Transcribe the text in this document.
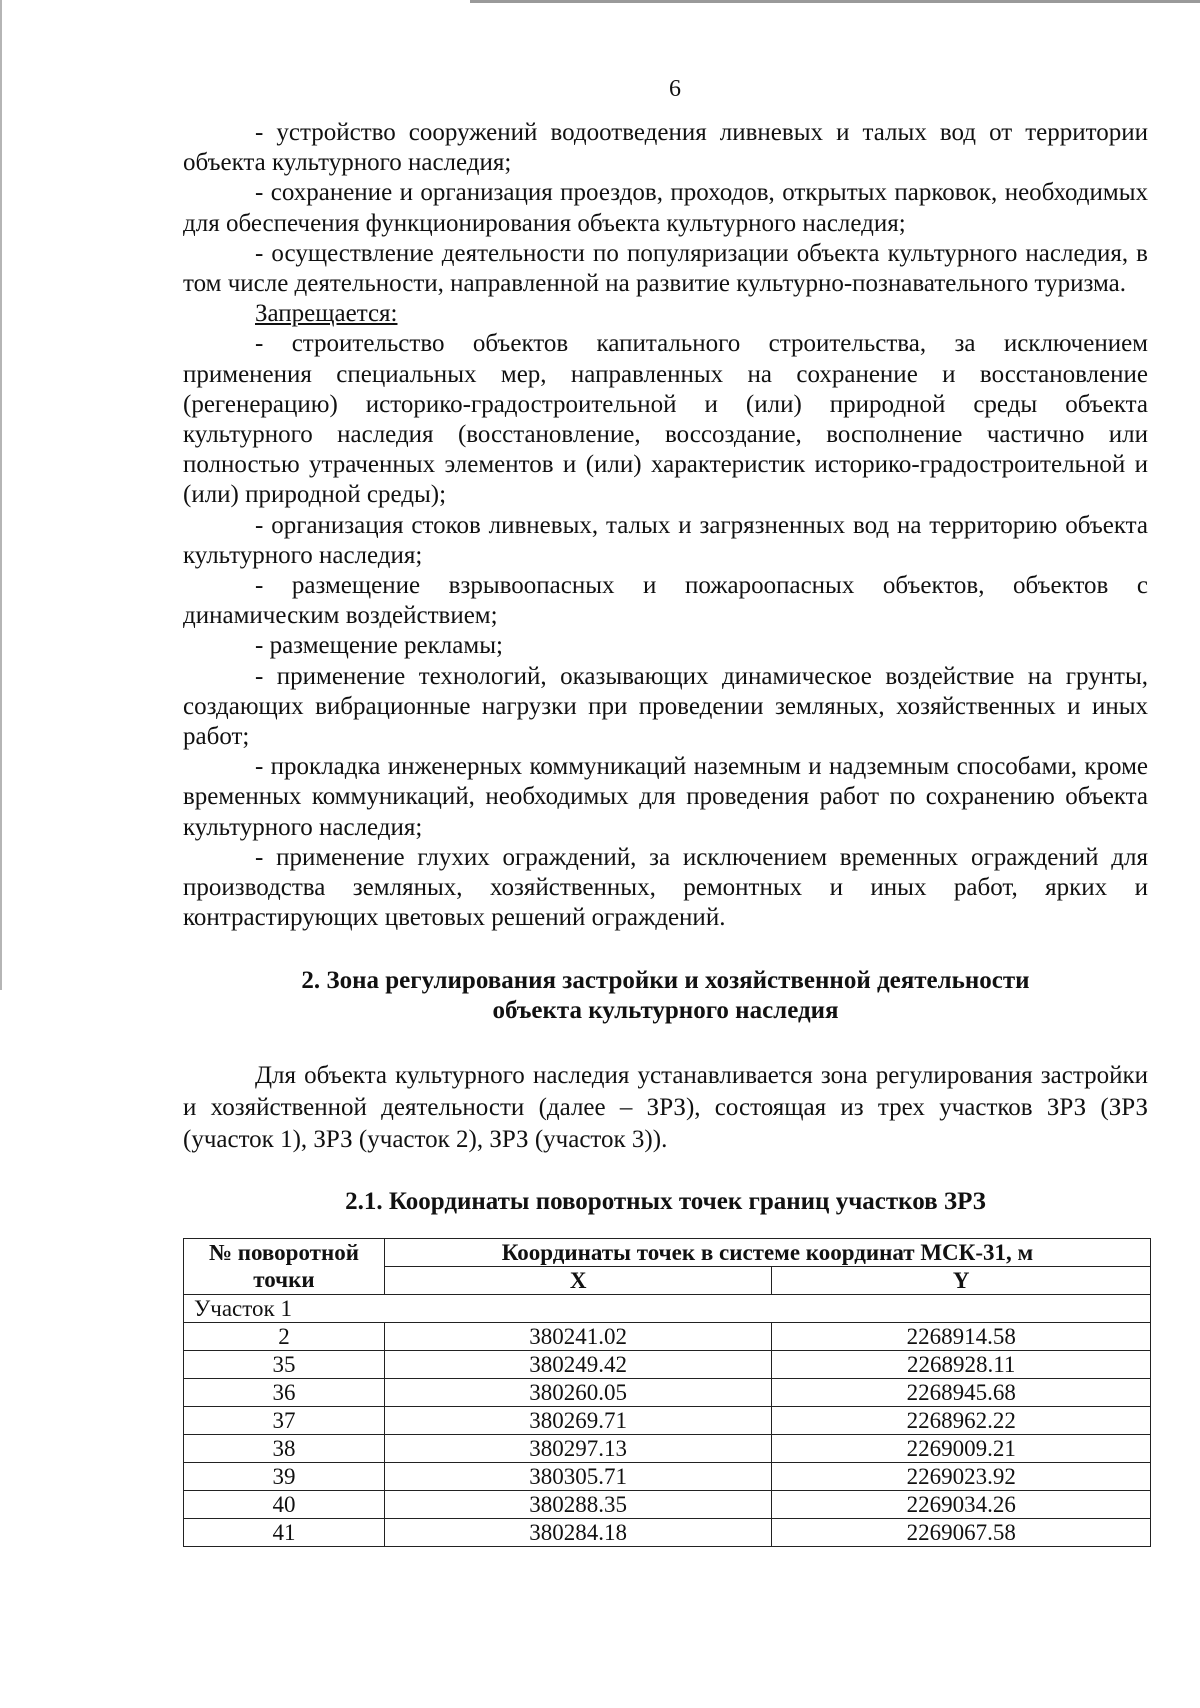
6

- устройство сооружений водоотведения ливневых и талых вод от территории объекта культурного наследия;

- сохранение и организация проездов, проходов, открытых парковок, необходимых для обеспечения функционирования объекта культурного наследия;

- осуществление деятельности по популяризации объекта культурного наследия, в том числе деятельности, направленной на развитие культурно-познавательного туризма.

Запрещается:

- строительство объектов капитального строительства, за исключением применения специальных мер, направленных на сохранение и восстановление (регенерацию) историко-градостроительной и (или) природной среды объекта культурного наследия (восстановление, воссоздание, восполнение частично или полностью утраченных элементов и (или) характеристик историко-градостроительной и (или) природной среды);

- организация стоков ливневых, талых и загрязненных вод на территорию объекта культурного наследия;

- размещение взрывоопасных и пожароопасных объектов, объектов с динамическим воздействием;

- размещение рекламы;

- применение технологий, оказывающих динамическое воздействие на грунты, создающих вибрационные нагрузки при проведении земляных, хозяйственных и иных работ;

- прокладка инженерных коммуникаций наземным и надземным способами, кроме временных коммуникаций, необходимых для проведения работ по сохранению объекта культурного наследия;

- применение глухих ограждений, за исключением временных ограждений для производства земляных, хозяйственных, ремонтных и иных работ, ярких и контрастирующих цветовых решений ограждений.

2. Зона регулирования застройки и хозяйственной деятельности
объекта культурного наследия

Для объекта культурного наследия устанавливается зона регулирования застройки и хозяйственной деятельности (далее – ЗРЗ), состоящая из трех участков ЗРЗ (ЗРЗ (участок 1), ЗРЗ (участок 2), ЗРЗ (участок 3)).

2.1. Координаты поворотных точек границ участков ЗРЗ
№ поворотной точки	Координаты точек в системе координат МСК-31, м	
	X	Y
Участок 1		
2	380241.02	2268914.58
35	380249.42	2268928.11
36	380260.05	2268945.68
37	380269.71	2268962.22
38	380297.13	2269009.21
39	380305.71	2269023.92
40	380288.35	2269034.26
41	380284.18	2269067.58
